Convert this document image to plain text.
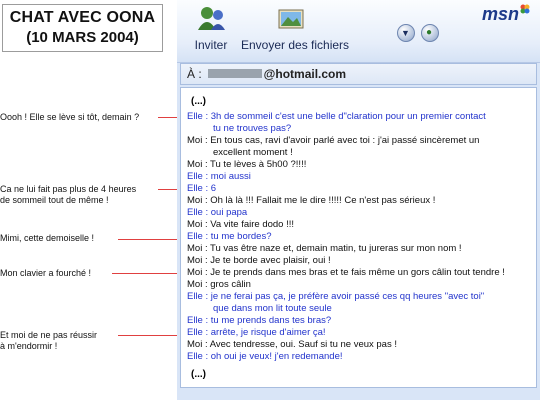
CHAT AVEC OONA
(10 MARS 2004)
Oooh ! Elle se lève si tôt, demain ?
Ca ne lui fait pas plus de 4 heures
de sommeil tout de même !
Mimi, cette demoiselle !
Mon clavier a fourché !
Et moi de ne pas réussir
à m'endormir !
Inviter	Envoyer des fichiers
▼ ●
msn
À :	@hotmail.com
(...)
Elle : 3h de sommeil c'est une belle d"claration pour un premier contact
tu ne trouves pas?
Moi : En tous cas, ravi d'avoir parlé avec toi : j'ai passé sincèremet un
excellent moment !
Moi : Tu te lèves à 5h00 ?!!!!
Elle : moi aussi
Elle : 6
Moi : Oh là là !!! Fallait me le dire !!!!! Ce n'est pas sérieux !
Elle : oui papa
Moi : Va vite faire dodo !!!
Elle : tu me bordes?
Moi : Tu vas être naze et, demain matin, tu jureras sur mon nom !
Moi : Je te borde avec plaisir, oui !
Moi : Je te prends dans mes bras et te fais même un gors câlin tout tendre !
Moi : gros câlin
Elle : je ne ferai pas ça, je préfère avoir passé ces qq heures "avec toi"
que dans mon lit toute seule
Elle : tu me prends dans tes bras?
Elle : arrête, je risque d'aimer ça!
Moi : Avec tendresse, oui. Sauf si tu ne veux pas !
Elle : oh oui je veux! j'en redemande!
(...)
